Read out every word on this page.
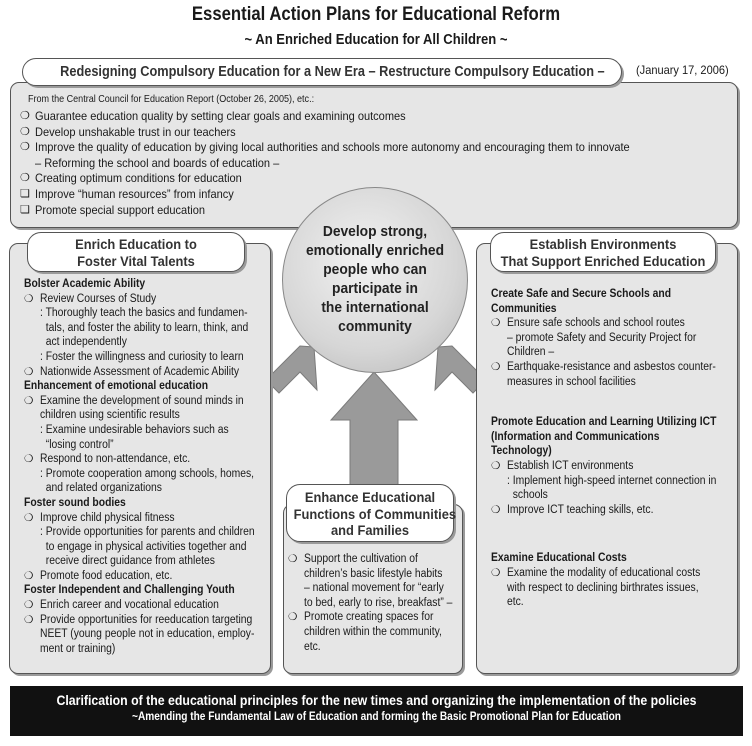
Essential Action Plans for Educational Reform
~ An Enriched Education for All Children ~
Redesigning Compulsory Education for a New Era – Restructure Compulsory Education –	(January 17, 2006)
From the Central Council for Education Report (October 26, 2005), etc.:
❍ Guarantee education quality by setting clear goals and examining outcomes
❍ Develop unshakable trust in our teachers
❍ Improve the quality of education by giving local authorities and schools more autonomy and encouraging them to innovate
– Reforming the school and boards of education –
❍ Creating optimum conditions for education
❏ Improve “human resources” from infancy
❏ Promote special support education
Enrich Education to
Foster Vital Talents
Bolster Academic Ability
❍ Review Courses of Study
: Thoroughly teach the basics and fundamen-
tals, and foster the ability to learn, think, and
act independently
: Foster the willingness and curiosity to learn
❍ Nationwide Assessment of Academic Ability
Enhancement of emotional education
❍ Examine the development of sound minds in
children using scientific results
: Examine undesirable behaviors such as
“losing control”
❍ Respond to non-attendance, etc.
: Promote cooperation among schools, homes,
and related organizations
Foster sound bodies
❍ Improve child physical fitness
: Provide opportunities for parents and children
to engage in physical activities together and
receive direct guidance from athletes
❍ Promote food education, etc.
Foster Independent and Challenging Youth
❍ Enrich career and vocational education
❍ Provide opportunities for reeducation targeting
NEET (young people not in education, employ-
ment or training)
Establish Environments
That Support Enriched Education
Create Safe and Secure Schools and
Communities
❍ Ensure safe schools and school routes
– promote Safety and Security Project for
Children –
❍ Earthquake-resistance and asbestos counter-
measures in school facilities
Promote Education and Learning Utilizing ICT
(Information and Communications
Technology)
❍ Establish ICT environments
: Implement high-speed internet connection in
schools
❍ Improve ICT teaching skills, etc.
Examine Educational Costs
❍ Examine the modality of educational costs
with respect to declining birthrates issues,
etc.
Enhance Educational
Functions of Communities
and Families
❍ Support the cultivation of
children’s basic lifestyle habits
– national movement for “early
to bed, early to rise, breakfast” –
❍ Promote creating spaces for
children within the community,
etc.
Develop strong,
emotionally enriched
people who can
participate in
the international
community
Clarification of the educational principles for the new times and organizing the implementation of the policies
~Amending the Fundamental Law of Education and forming the Basic Promotional Plan for Education
